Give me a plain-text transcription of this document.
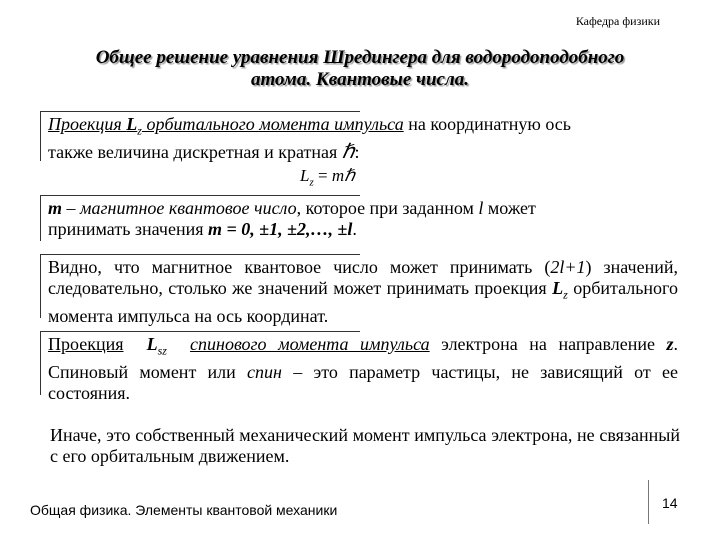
Кафедра физики
Общее решение уравнения Шредингера для водородоподобного
атома. Квантовые числа.
Проекция $L_z$ орбитального момента импульса на координатную ось
также величина дискретная и кратная ℏ:
$L_z$ = mℏ
m – магнитное квантовое число, которое при заданном l может
принимать значения m = 0, ±1, ±2,…, ±l.
Видно, что магнитное квантовое число может принимать (2l+1) значений, следовательно, столько же значений может принимать проекция $L_z$ орбитального момента импульса на ось координат.
Проекция $L_{sz}$ спинового момента импульса электрона на направление z. Спиновый момент или спин – это параметр частицы, не зависящий от ее состояния.
Иначе, это собственный механический момент импульса электрона, не связанный с его орбитальным движением.
Общая физика. Элементы квантовой механики	14
